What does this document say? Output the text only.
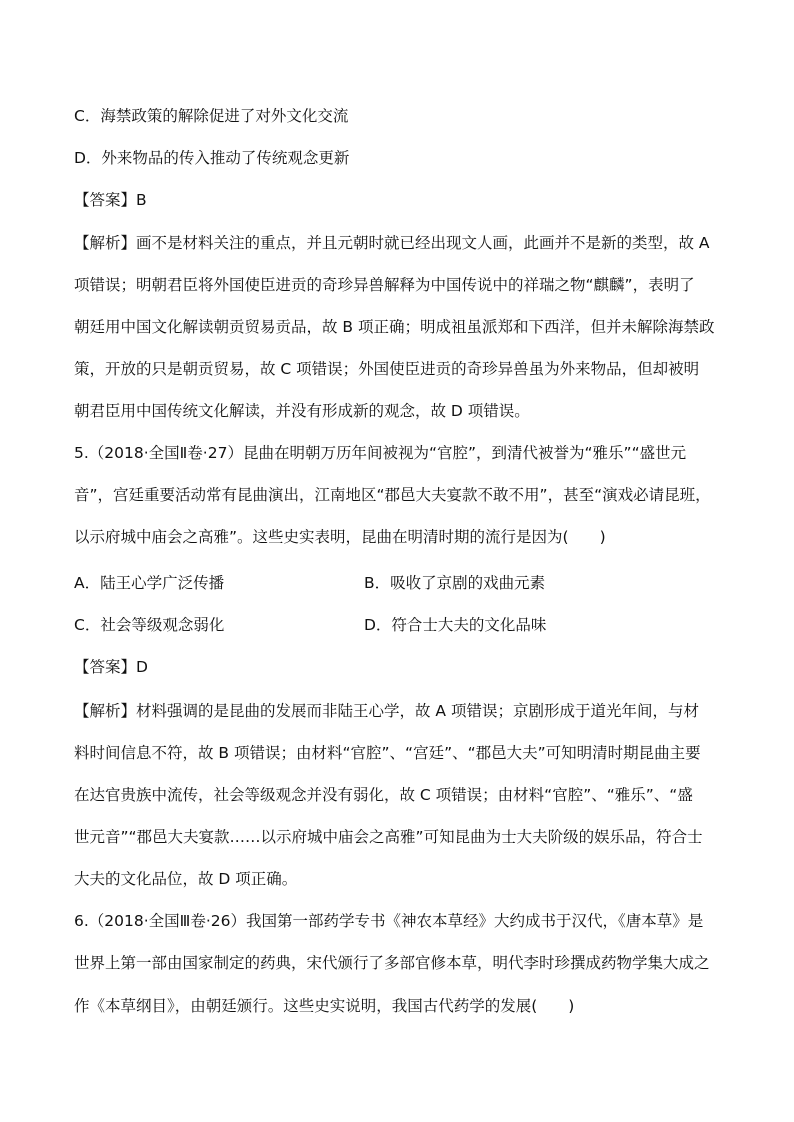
C．海禁政策的解除促进了对外文化交流
D．外来物品的传入推动了传统观念更新
【答案】B
【解析】画不是材料关注的重点，并且元朝时就已经出现文人画，此画并不是新的类型，故 A
项错误；明朝君臣将外国使臣进贡的奇珍异兽解释为中国传说中的祥瑞之物“麒麟”，表明了
朝廷用中国文化解读朝贡贸易贡品，故 B 项正确；明成祖虽派郑和下西洋，但并未解除海禁政
策，开放的只是朝贡贸易，故 C 项错误；外国使臣进贡的奇珍异兽虽为外来物品，但却被明
朝君臣用中国传统文化解读，并没有形成新的观念，故 D 项错误。
5.（2018·全国Ⅱ卷·27）昆曲在明朝万历年间被视为“官腔”，到清代被誉为“雅乐”“盛世元
音”，宫廷重要活动常有昆曲演出，江南地区“郡邑大夫宴款不敢不用”，甚至“演戏必请昆班，
以示府城中庙会之高雅”。这些史实表明，昆曲在明清时期的流行是因为(　　)
A．陆王心学广泛传播	B．吸收了京剧的戏曲元素
C．社会等级观念弱化	D．符合士大夫的文化品味
【答案】D
【解析】材料强调的是昆曲的发展而非陆王心学，故 A 项错误；京剧形成于道光年间，与材
料时间信息不符，故 B 项错误；由材料“官腔”、“宫廷”、“郡邑大夫”可知明清时期昆曲主要
在达官贵族中流传，社会等级观念并没有弱化，故 C 项错误；由材料“官腔”、“雅乐”、“盛
世元音”“郡邑大夫宴款……以示府城中庙会之高雅”可知昆曲为士大夫阶级的娱乐品，符合士
大夫的文化品位，故 D 项正确。
6.（2018·全国Ⅲ卷·26）我国第一部药学专书《神农本草经》大约成书于汉代，《唐本草》是
世界上第一部由国家制定的药典，宋代颁行了多部官修本草，明代李时珍撰成药物学集大成之
作《本草纲目》，由朝廷颁行。这些史实说明，我国古代药学的发展(　　)
